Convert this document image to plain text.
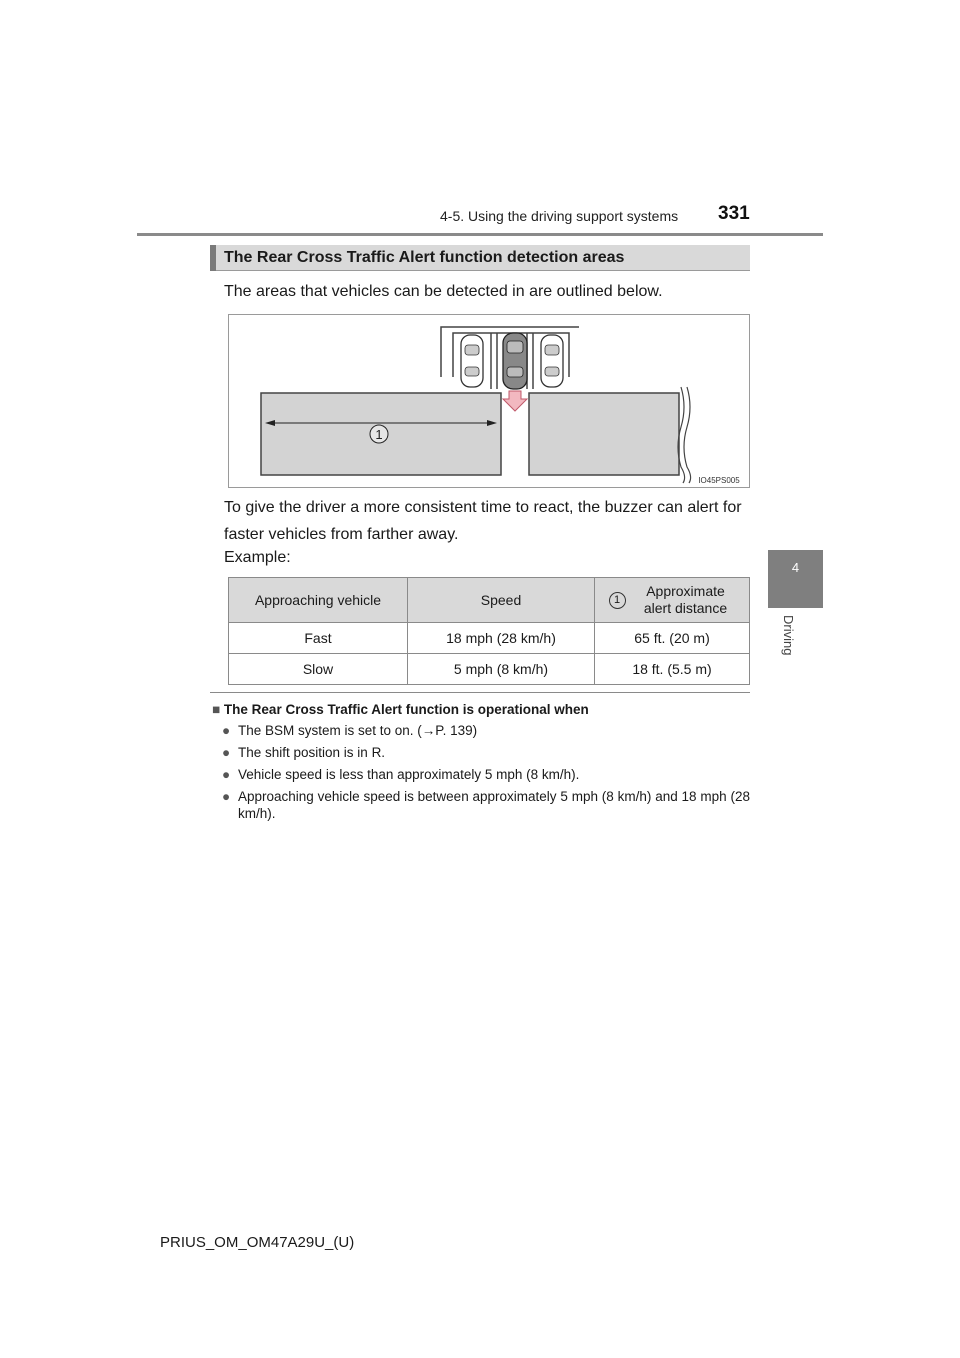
4-5. Using the driving support systems 331
4
Driving
The Rear Cross Traffic Alert function detection areas
The areas that vehicles can be detected in are outlined below.
1
IO45PS005
To give the driver a more consistent time to react, the buzzer can alert for faster vehicles from farther away.
Example:
Approaching vehicle	Speed	1
Approximate alert distance

Fast	18 mph (28 km/h)	65 ft. (20 m)
Slow	5 mph (8 km/h)	18 ft. (5.5 m)
■ The Rear Cross Traffic Alert function is operational when
● The BSM system is set to on. (→P. 139)
● The shift position is in R.
● Vehicle speed is less than approximately 5 mph (8 km/h).
● Approaching vehicle speed is between approximately 5 mph (8 km/h) and 18 mph (28 km/h).
PRIUS_OM_OM47A29U_(U)
